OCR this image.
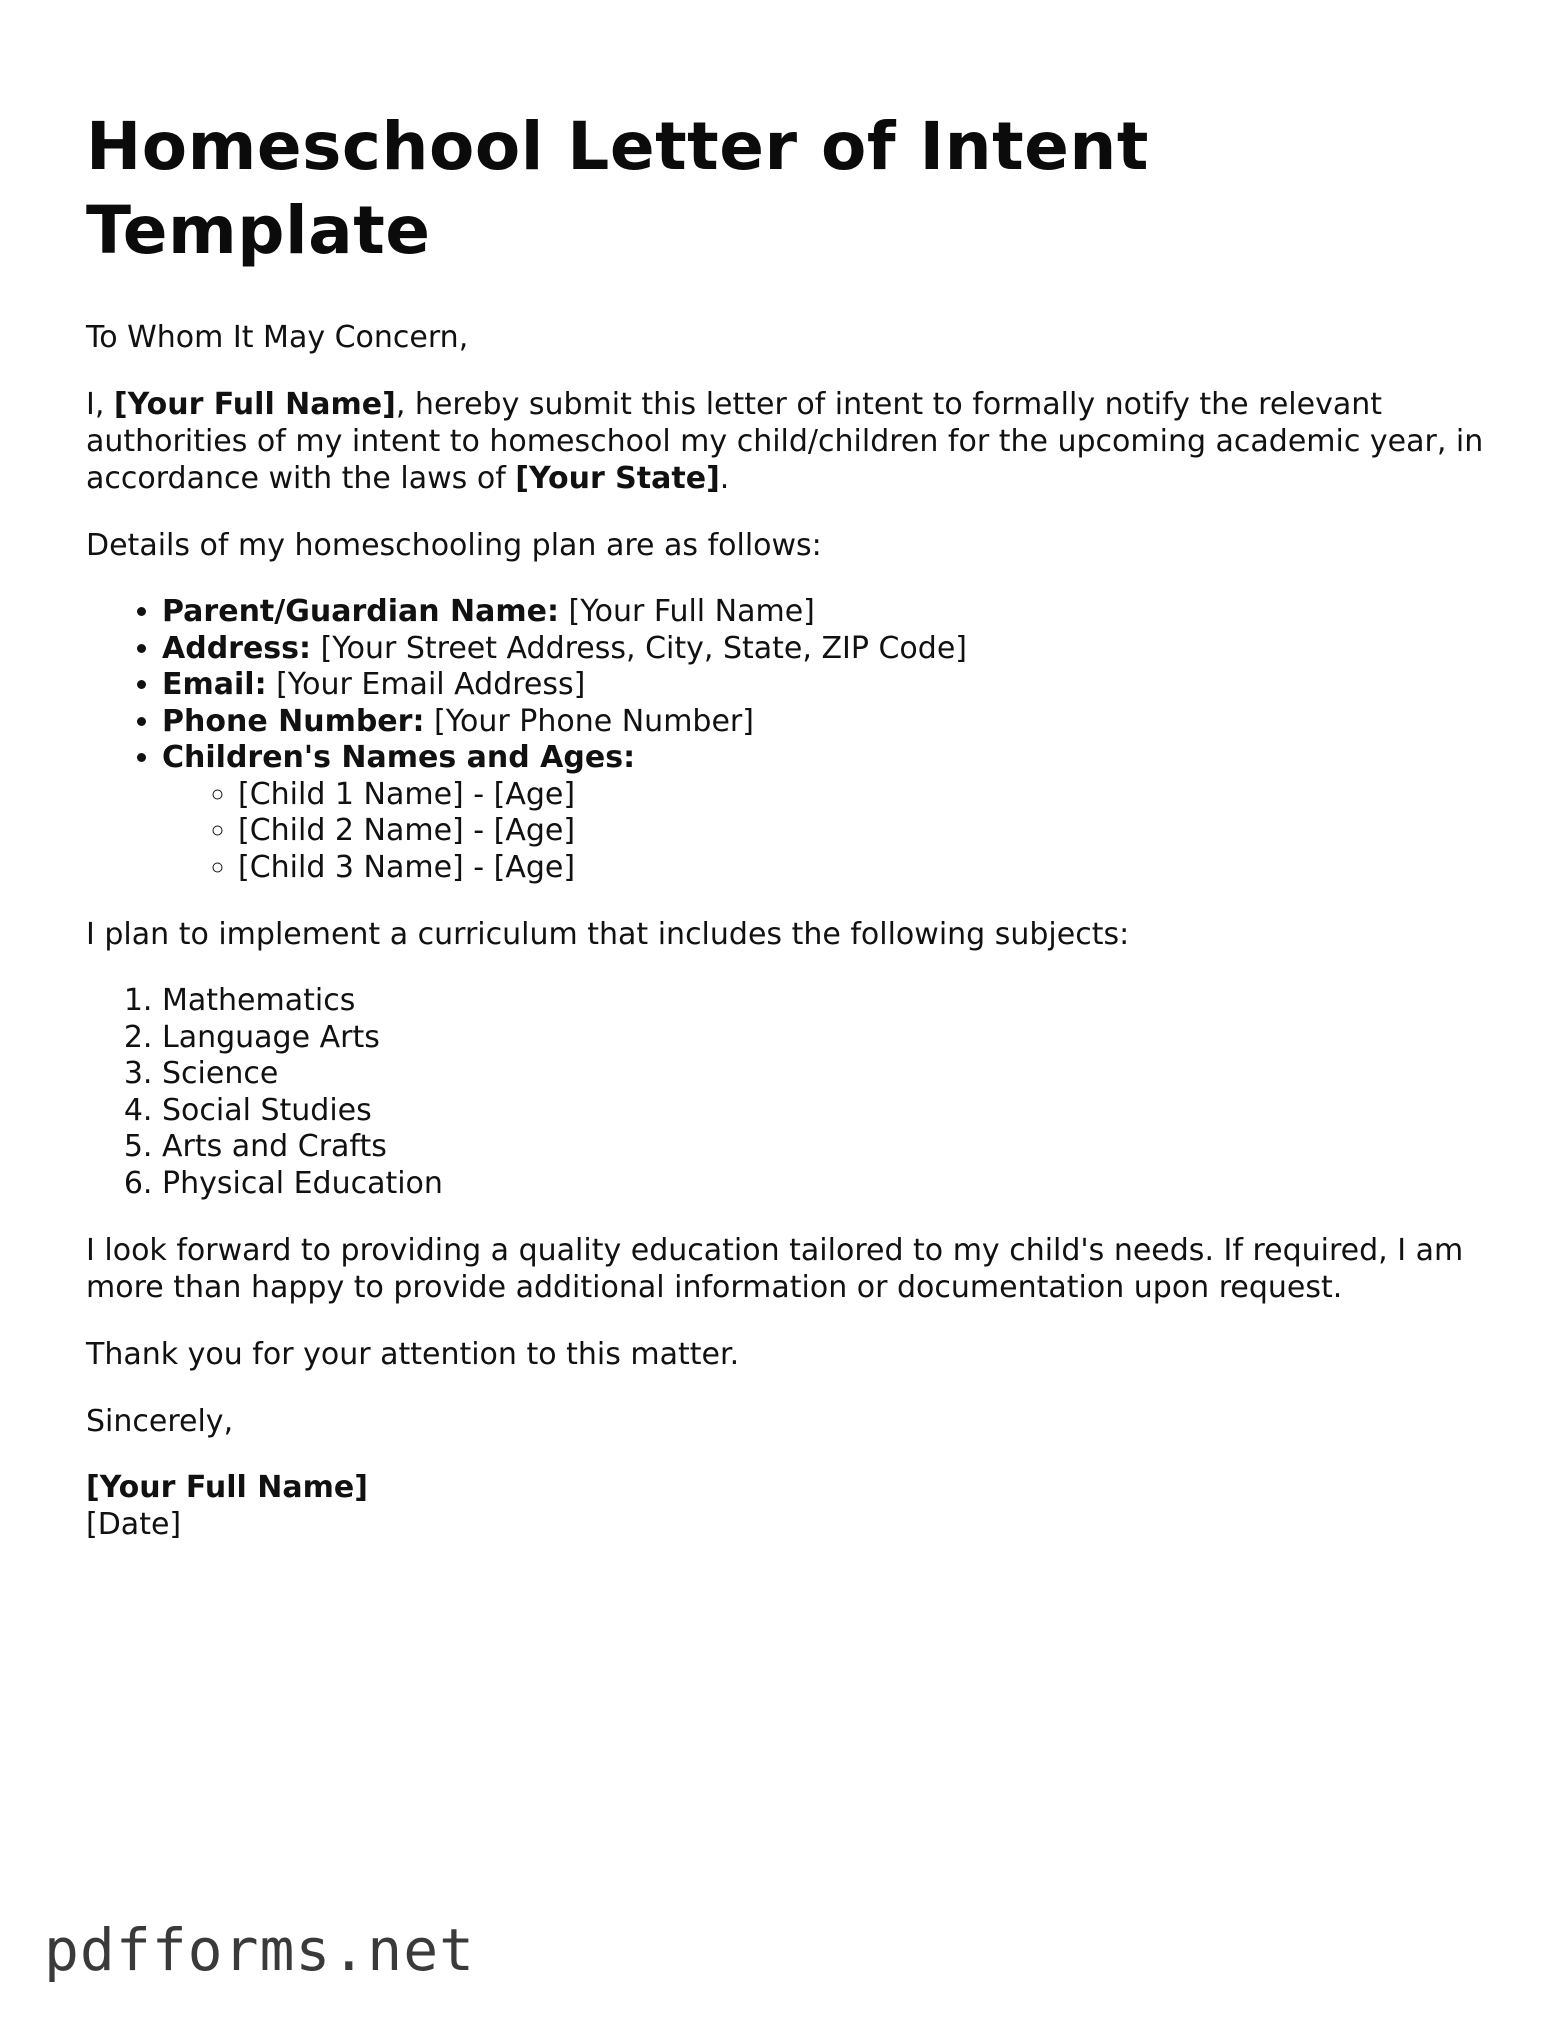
Homeschool Letter of Intent Template

To Whom It May Concern,

I, [Your Full Name], hereby submit this letter of intent to formally notify the relevant authorities of my intent to homeschool my child/children for the upcoming academic year, in accordance with the laws of [Your State].

Details of my homeschooling plan are as follows:

• Parent/Guardian Name: [Your Full Name]
• Address: [Your Street Address, City, State, ZIP Code]
• Email: [Your Email Address]
• Phone Number: [Your Phone Number]
• Children's Names and Ages:
◦ [Child 1 Name] - [Age]
◦ [Child 2 Name] - [Age]
◦ [Child 3 Name] - [Age]

I plan to implement a curriculum that includes the following subjects:

1. Mathematics
2. Language Arts
3. Science
4. Social Studies
5. Arts and Crafts
6. Physical Education

I look forward to providing a quality education tailored to my child's needs. If required, I am more than happy to provide additional information or documentation upon request.

Thank you for your attention to this matter.

Sincerely,

[Your Full Name]
[Date]
pdfforms.net
